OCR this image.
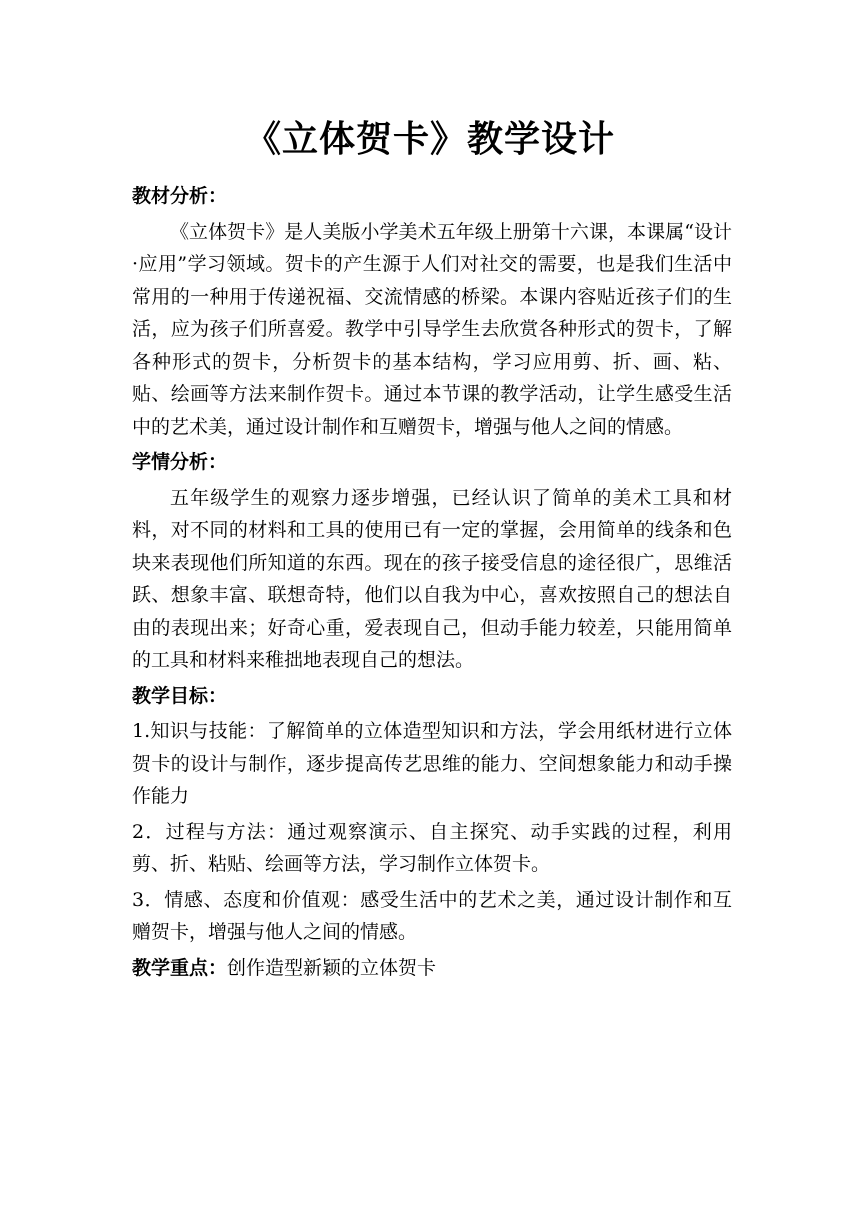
《立体贺卡》教学设计
教材分析：

《立体贺卡》是人美版小学美术五年级上册第十六课，本课属“设计·应用”学习领域。贺卡的产生源于人们对社交的需要，也是我们生活中常用的一种用于传递祝福、交流情感的桥梁。本课内容贴近孩子们的生活，应为孩子们所喜爱。教学中引导学生去欣赏各种形式的贺卡，了解各种形式的贺卡，分析贺卡的基本结构，学习应用剪、折、画、粘、贴、绘画等方法来制作贺卡。通过本节课的教学活动，让学生感受生活中的艺术美，通过设计制作和互赠贺卡，增强与他人之间的情感。

学情分析：

五年级学生的观察力逐步增强，已经认识了简单的美术工具和材料，对不同的材料和工具的使用已有一定的掌握，会用简单的线条和色块来表现他们所知道的东西。现在的孩子接受信息的途径很广，思维活跃、想象丰富、联想奇特，他们以自我为中心，喜欢按照自己的想法自由的表现出来；好奇心重，爱表现自己，但动手能力较差，只能用简单的工具和材料来稚拙地表现自己的想法。

教学目标：

1.知识与技能：了解简单的立体造型知识和方法，学会用纸材进行立体贺卡的设计与制作，逐步提高传艺思维的能力、空间想象能力和动手操作能力

2．过程与方法：通过观察演示、自主探究、动手实践的过程，利用剪、折、粘贴、绘画等方法，学习制作立体贺卡。

3．情感、态度和价值观：感受生活中的艺术之美，通过设计制作和互赠贺卡，增强与他人之间的情感。

教学重点：创作造型新颖的立体贺卡
